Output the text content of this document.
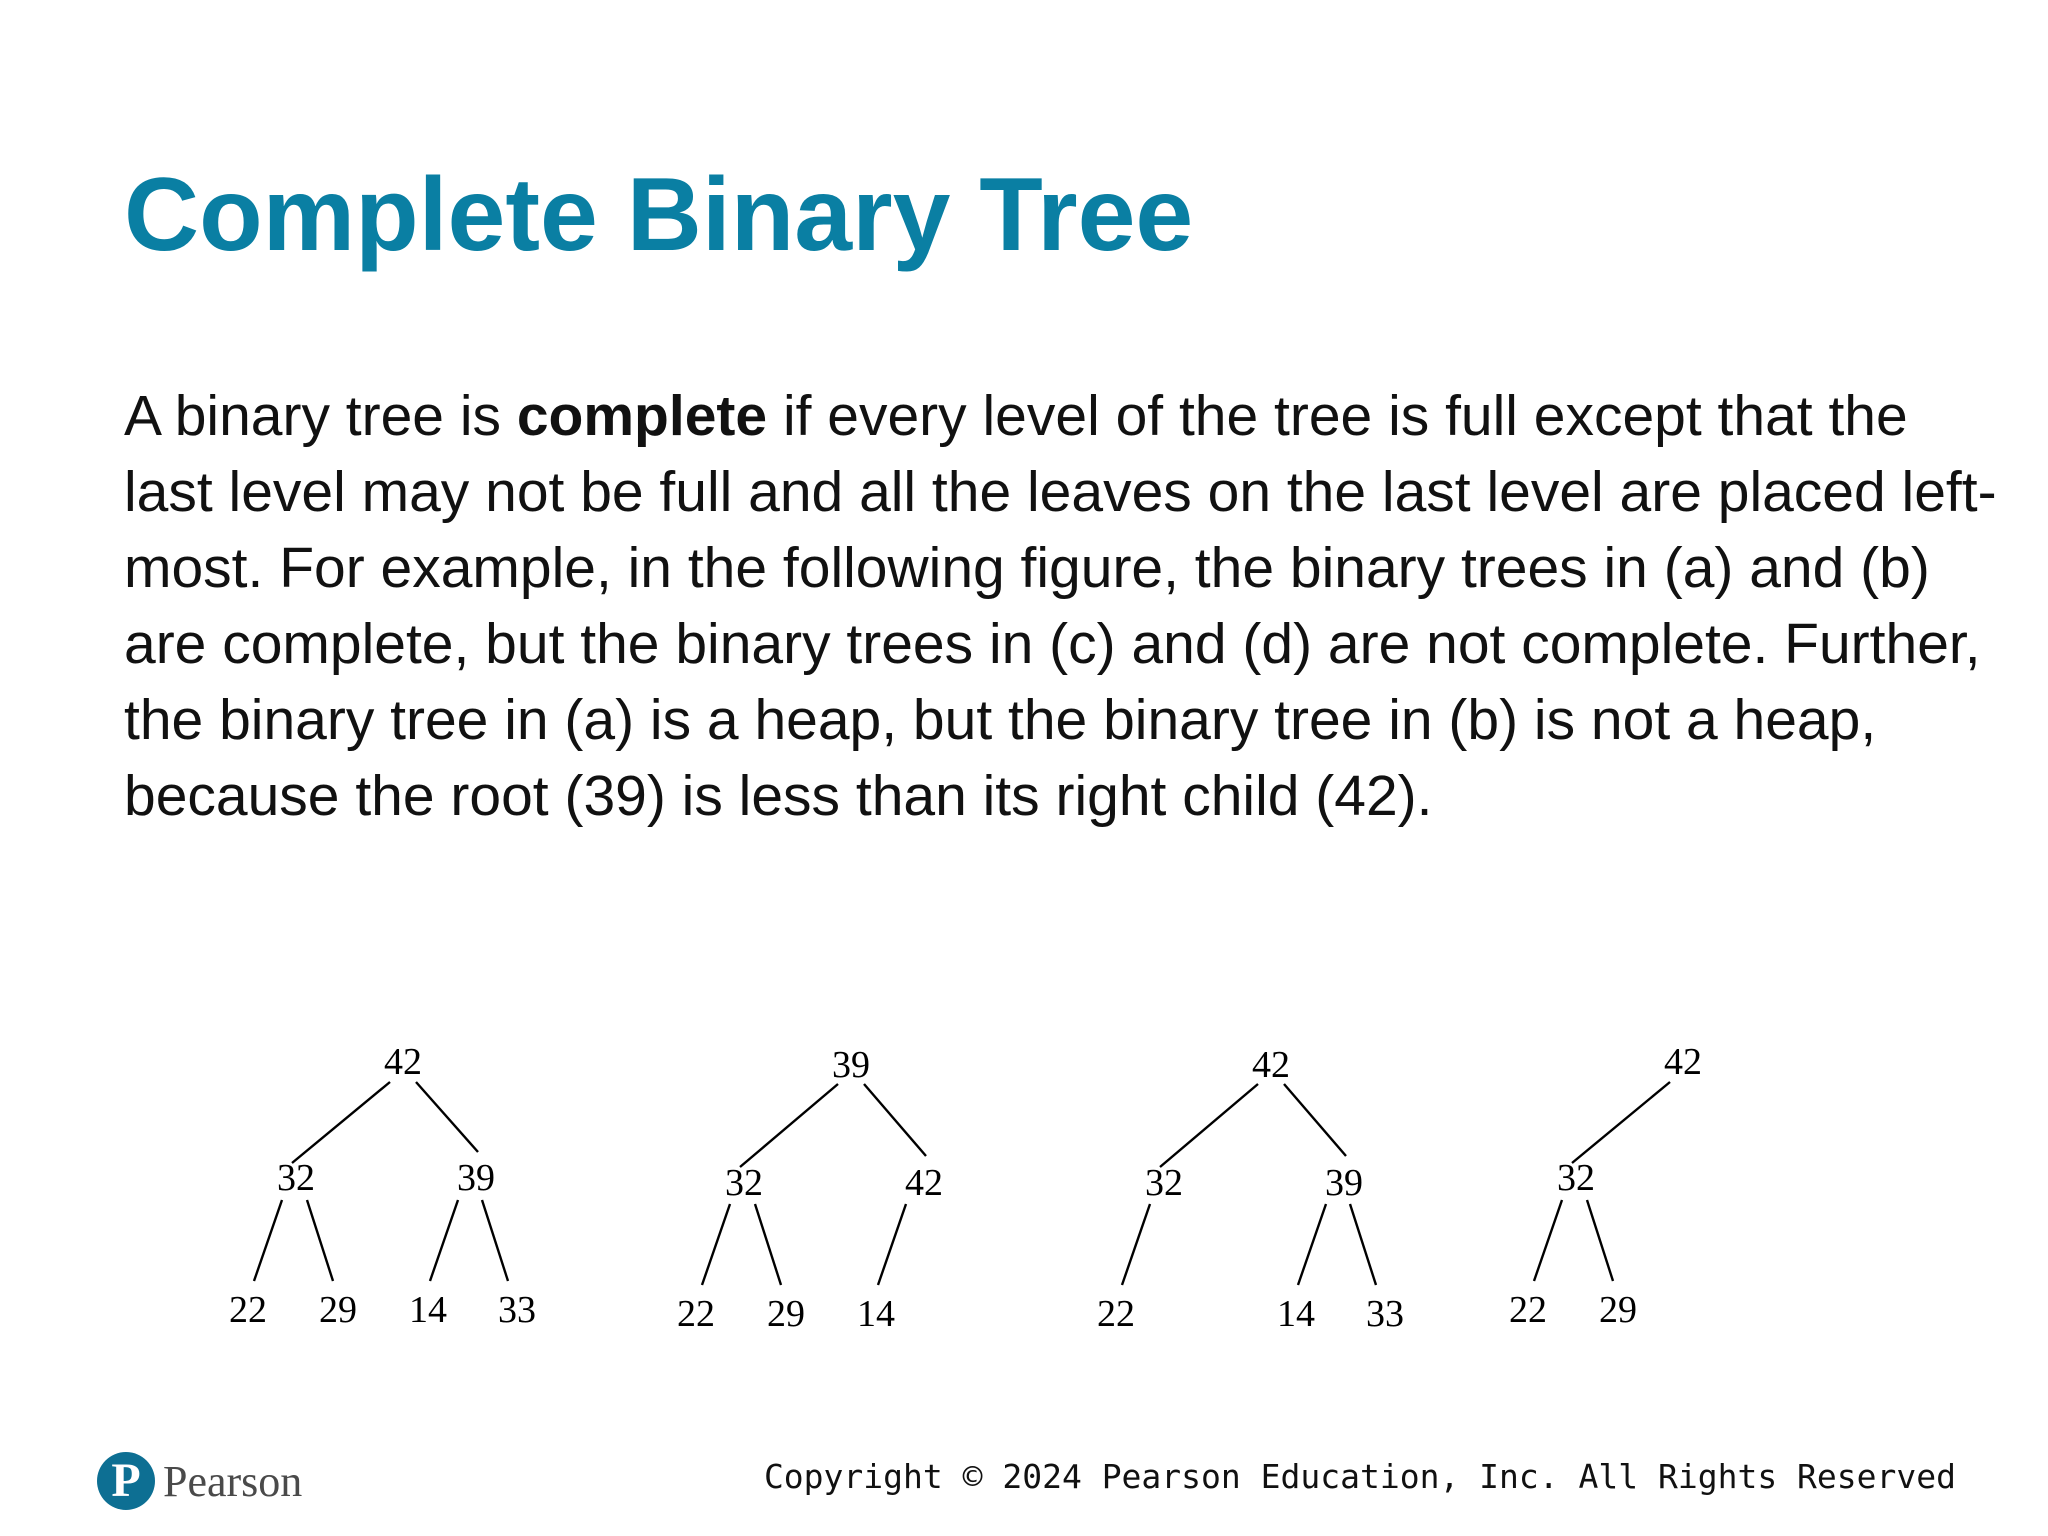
Complete Binary Tree

A binary tree is complete if every level of the tree is full except that the last level may not be full and all the leaves on the last level are placed left-most. For example, in the following figure, the binary trees in (a) and (b) are complete, but the binary trees in (c) and (d) are not complete. Further, the binary tree in (a) is a heap, but the binary tree in (b) is not a heap, because the root (39) is less than its right child (42).

42
32	39
22 29 14 33
39
32	42
22 29 14
42
32	39
22	14 33
42
32
22 29
P Pearson	Copyright © 2024 Pearson Education, Inc. All Rights Reserved
